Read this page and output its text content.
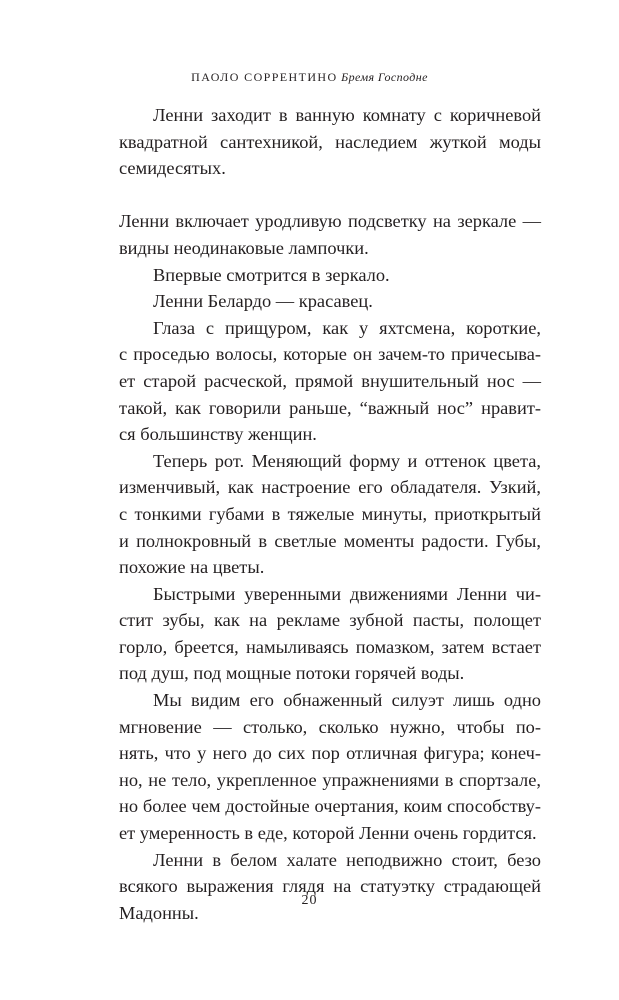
ПАОЛО СОРРЕНТИНО Бремя Господне

Ленни заходит в ванную комнату с коричневой
квадратной сантехникой, наследием жуткой моды
семидесятых.

Ленни включает уродливую подсветку на зеркале —
видны неодинаковые лампочки.

Впервые смотрится в зеркало.

Ленни Белардо — красавец.

Глаза с прищуром, как у яхтсмена, короткие,
с проседью волосы, которые он зачем-то причесыва-
ет старой расческой, прямой внушительный нос —
такой, как говорили раньше, “важный нос” нравит-
ся большинству женщин.

Теперь рот. Меняющий форму и оттенок цвета,
изменчивый, как настроение его обладателя. Узкий,
с тонкими губами в тяжелые минуты, приоткрытый
и полнокровный в светлые моменты радости. Губы,
похожие на цветы.

Быстрыми уверенными движениями Ленни чи-
стит зубы, как на рекламе зубной пасты, полощет
горло, бреется, намыливаясь помазком, затем встает
под душ, под мощные потоки горячей воды.

Мы видим его обнаженный силуэт лишь одно
мгновение — столько, сколько нужно, чтобы по-
нять, что у него до сих пор отличная фигура; конеч-
но, не тело, укрепленное упражнениями в спортзале,
но более чем достойные очертания, коим способству-
ет умеренность в еде, которой Ленни очень гордится.

Ленни в белом халате неподвижно стоит, безо
всякого выражения глядя на статуэтку страдающей
Мадонны.

20
